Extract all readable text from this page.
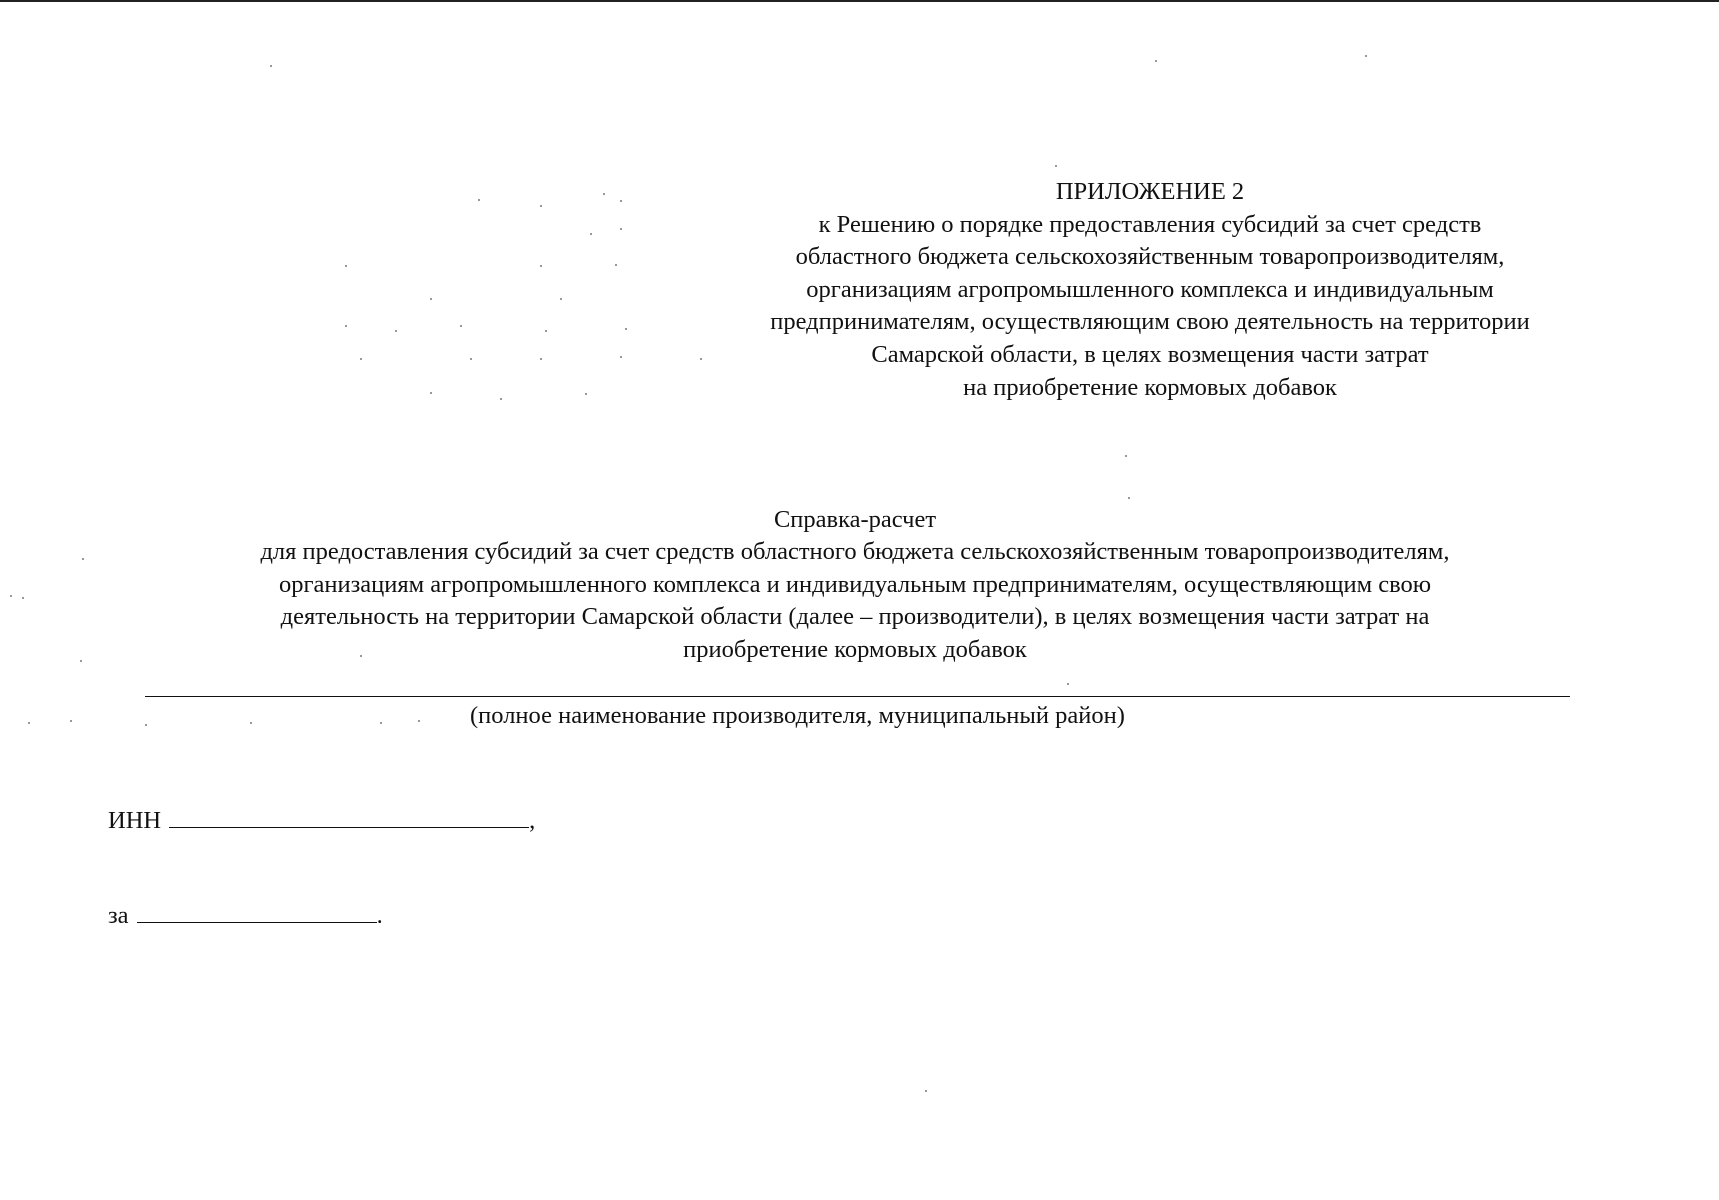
ПРИЛОЖЕНИЕ 2
к Решению о порядке предоставления субсидий за счет средств
областного бюджета сельскохозяйственным товаропроизводителям,
организациям агропромышленного комплекса и индивидуальным
предпринимателям, осуществляющим свою деятельность на территории
Самарской области, в целях возмещения части затрат
на приобретение кормовых добавок
Справка-расчет
для предоставления субсидий за счет средств областного бюджета сельскохозяйственным товаропроизводителям,
организациям агропромышленного комплекса и индивидуальным предпринимателям, осуществляющим свою
деятельность на территории Самарской области (далее – производители), в целях возмещения части затрат на
приобретение кормовых добавок
(полное наименование производителя, муниципальный район)
ИНН	,
за	.
